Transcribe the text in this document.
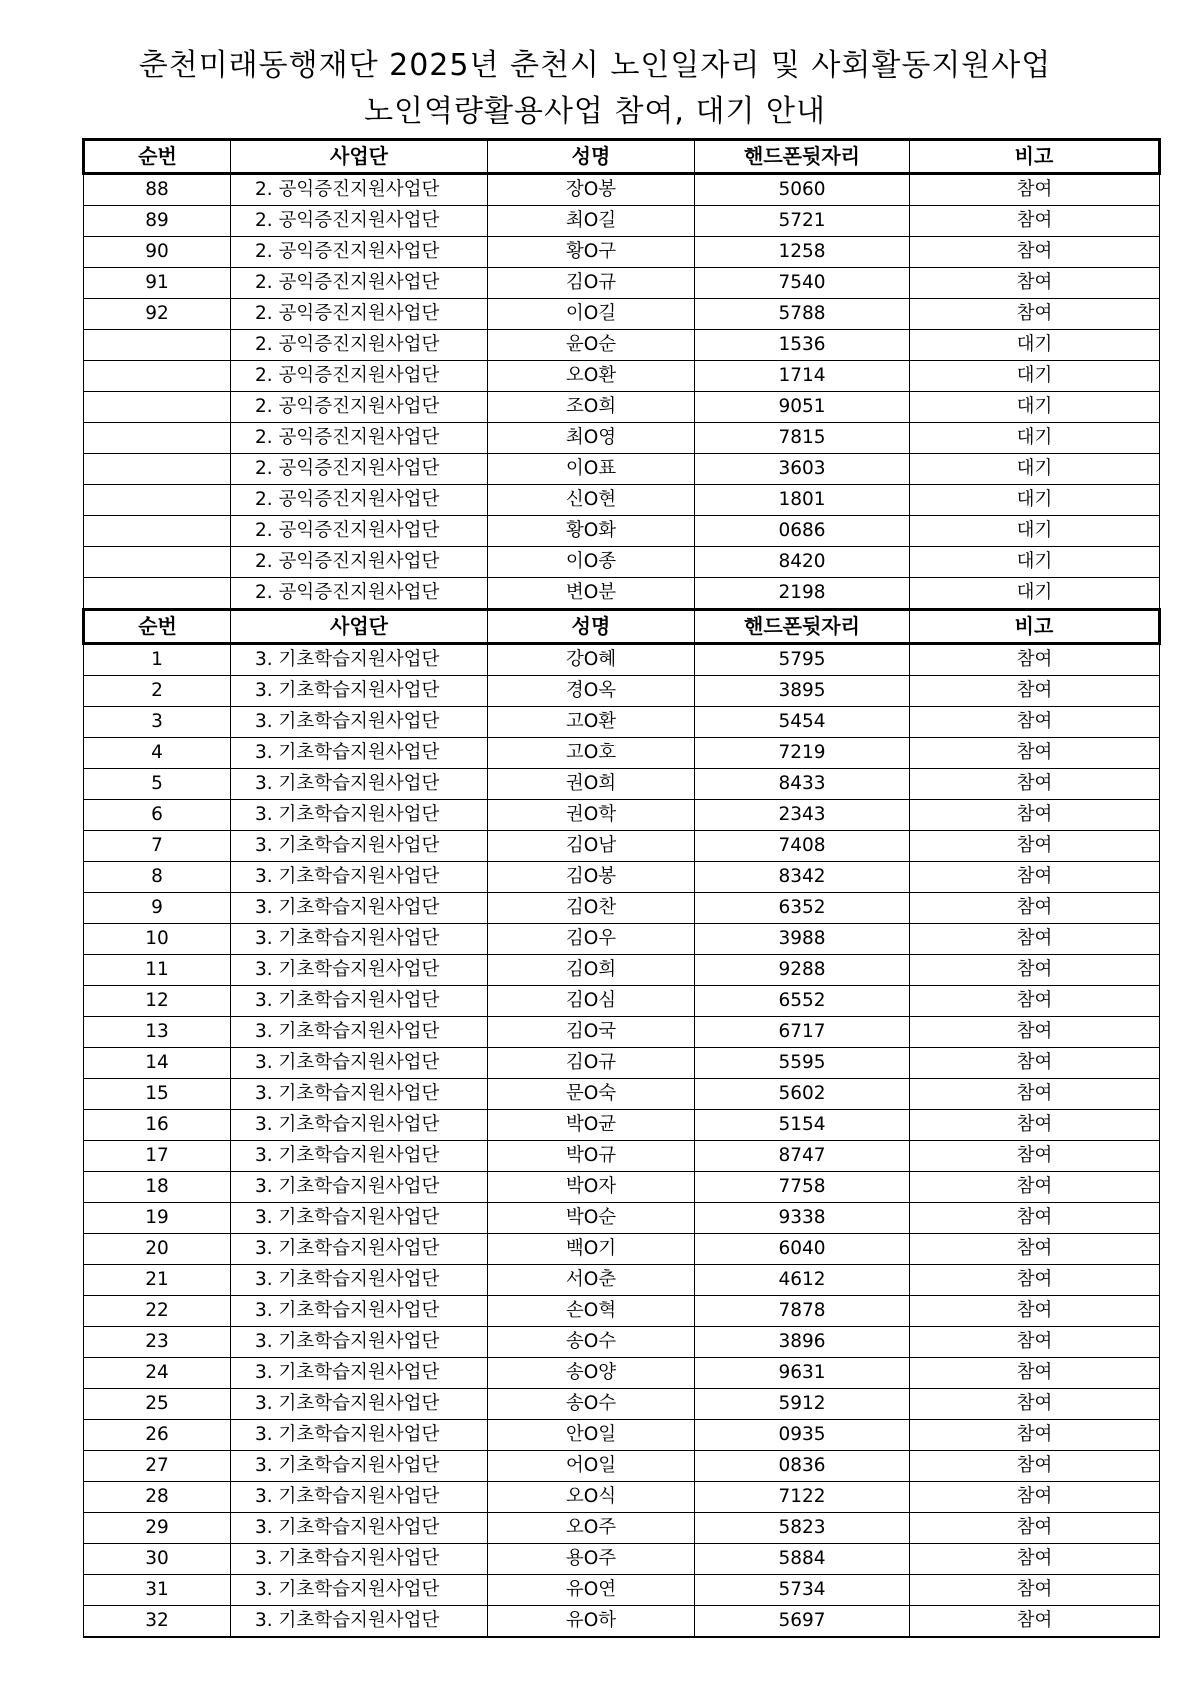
춘천미래동행재단 2025년 춘천시 노인일자리 및 사회활동지원사업
노인역량활용사업 참여, 대기 안내
순번	사업단	성명	핸드폰뒷자리	비고
88	2. 공익증진지원사업단	장O봉	5060	참여
89	2. 공익증진지원사업단	최O길	5721	참여
90	2. 공익증진지원사업단	황O구	1258	참여
91	2. 공익증진지원사업단	김O규	7540	참여
92	2. 공익증진지원사업단	이O길	5788	참여
	2. 공익증진지원사업단	윤O순	1536	대기
	2. 공익증진지원사업단	오O환	1714	대기
	2. 공익증진지원사업단	조O희	9051	대기
	2. 공익증진지원사업단	최O영	7815	대기
	2. 공익증진지원사업단	이O표	3603	대기
	2. 공익증진지원사업단	신O현	1801	대기
	2. 공익증진지원사업단	황O화	0686	대기
	2. 공익증진지원사업단	이O종	8420	대기
	2. 공익증진지원사업단	변O분	2198	대기
순번	사업단	성명	핸드폰뒷자리	비고
1	3. 기초학습지원사업단	강O혜	5795	참여
2	3. 기초학습지원사업단	경O옥	3895	참여
3	3. 기초학습지원사업단	고O환	5454	참여
4	3. 기초학습지원사업단	고O호	7219	참여
5	3. 기초학습지원사업단	권O희	8433	참여
6	3. 기초학습지원사업단	권O학	2343	참여
7	3. 기초학습지원사업단	김O남	7408	참여
8	3. 기초학습지원사업단	김O봉	8342	참여
9	3. 기초학습지원사업단	김O찬	6352	참여
10	3. 기초학습지원사업단	김O우	3988	참여
11	3. 기초학습지원사업단	김O희	9288	참여
12	3. 기초학습지원사업단	김O심	6552	참여
13	3. 기초학습지원사업단	김O국	6717	참여
14	3. 기초학습지원사업단	김O규	5595	참여
15	3. 기초학습지원사업단	문O숙	5602	참여
16	3. 기초학습지원사업단	박O균	5154	참여
17	3. 기초학습지원사업단	박O규	8747	참여
18	3. 기초학습지원사업단	박O자	7758	참여
19	3. 기초학습지원사업단	박O순	9338	참여
20	3. 기초학습지원사업단	백O기	6040	참여
21	3. 기초학습지원사업단	서O춘	4612	참여
22	3. 기초학습지원사업단	손O혁	7878	참여
23	3. 기초학습지원사업단	송O수	3896	참여
24	3. 기초학습지원사업단	송O양	9631	참여
25	3. 기초학습지원사업단	송O수	5912	참여
26	3. 기초학습지원사업단	안O일	0935	참여
27	3. 기초학습지원사업단	어O일	0836	참여
28	3. 기초학습지원사업단	오O식	7122	참여
29	3. 기초학습지원사업단	오O주	5823	참여
30	3. 기초학습지원사업단	용O주	5884	참여
31	3. 기초학습지원사업단	유O연	5734	참여
32	3. 기초학습지원사업단	유O하	5697	참여
